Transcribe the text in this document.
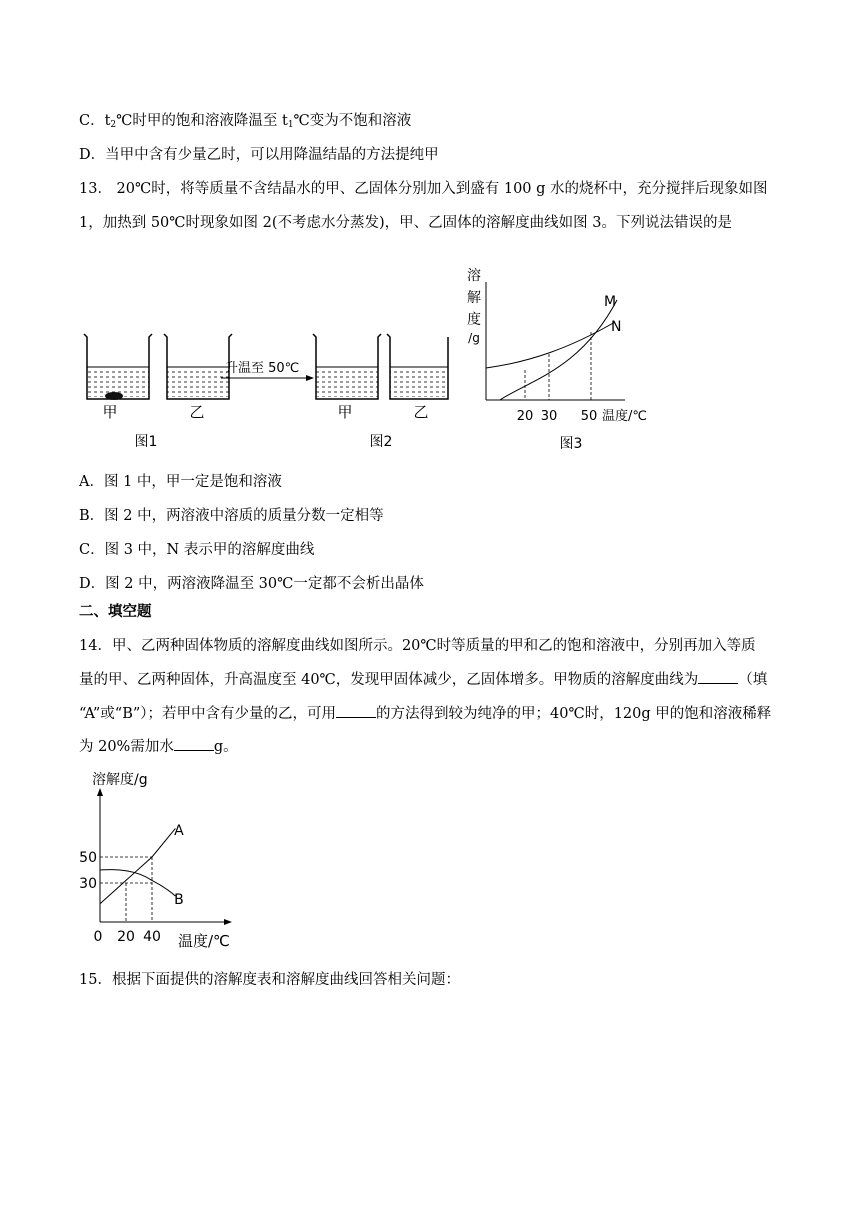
C．$t_2℃$时甲的饱和溶液降温至 $t_1℃$变为不饱和溶液
D．当甲中含有少量乙时，可以用降温结晶的方法提纯甲
13． 20℃时，将等质量不含结晶水的甲、乙固体分别加入到盛有 100 g 水的烧杯中，充分搅拌后现象如图
1，加热到 50℃时现象如图 2(不考虑水分蒸发)，甲、乙固体的溶解度曲线如图 3。下列说法错误的是
甲	乙
图1
升温至 50℃
甲	乙
图2
溶
解
度
/g
M
N
20 30 50 温度/℃
图3
A．图 1 中，甲一定是饱和溶液
B．图 2 中，两溶液中溶质的质量分数一定相等
C．图 3 中，N 表示甲的溶解度曲线
D．图 2 中，两溶液降温至 30℃一定都不会析出晶体
二、填空题
14．甲、乙两种固体物质的溶解度曲线如图所示。20℃时等质量的甲和乙的饱和溶液中，分别再加入等质
量的甲、乙两种固体，升高温度至 40℃，发现甲固体减少，乙固体增多。甲物质的溶解度曲线为	（填
“A”或“B”）；若甲中含有少量的乙，可用	的方法得到较为纯净的甲；40℃时，120g 甲的饱和溶液稀释
为 20%需加水	g。
溶解度/g
50
30
0 20 40
A
B
温度/℃
15．根据下面提供的溶解度表和溶解度曲线回答相关问题：
